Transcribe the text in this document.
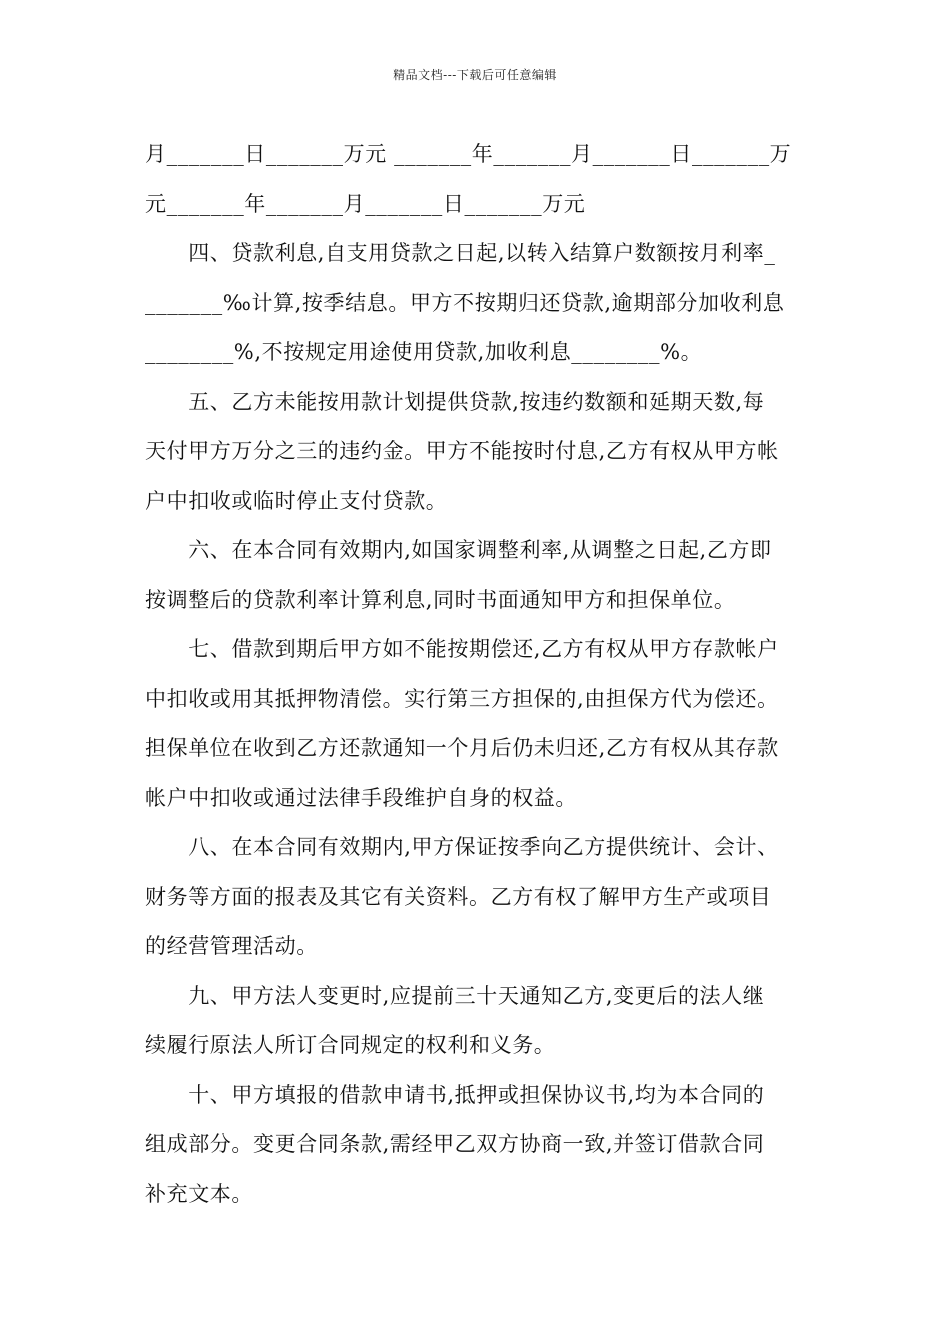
精品文档---下载后可任意编辑
月_______日_______万元 _______年_______月_______日_______万
元_______年_______月_______日_______万元
　　四、贷款利息,自支用贷款之日起,以转入结算户数额按月利率_
_______‰计算,按季结息。甲方不按期归还贷款,逾期部分加收利息
________%,不按规定用途使用贷款,加收利息________%。
　　五、乙方未能按用款计划提供贷款,按违约数额和延期天数,每
天付甲方万分之三的违约金。甲方不能按时付息,乙方有权从甲方帐
户中扣收或临时停止支付贷款。
　　六、在本合同有效期内,如国家调整利率,从调整之日起,乙方即
按调整后的贷款利率计算利息,同时书面通知甲方和担保单位。
　　七、借款到期后甲方如不能按期偿还,乙方有权从甲方存款帐户
中扣收或用其抵押物清偿。实行第三方担保的,由担保方代为偿还。
担保单位在收到乙方还款通知一个月后仍未归还,乙方有权从其存款
帐户中扣收或通过法律手段维护自身的权益。
　　八、在本合同有效期内,甲方保证按季向乙方提供统计、会计、
财务等方面的报表及其它有关资料。乙方有权了解甲方生产或项目
的经营管理活动。
　　九、甲方法人变更时,应提前三十天通知乙方,变更后的法人继
续履行原法人所订合同规定的权利和义务。
　　十、甲方填报的借款申请书,抵押或担保协议书,均为本合同的
组成部分。变更合同条款,需经甲乙双方协商一致,并签订借款合同
补充文本。
